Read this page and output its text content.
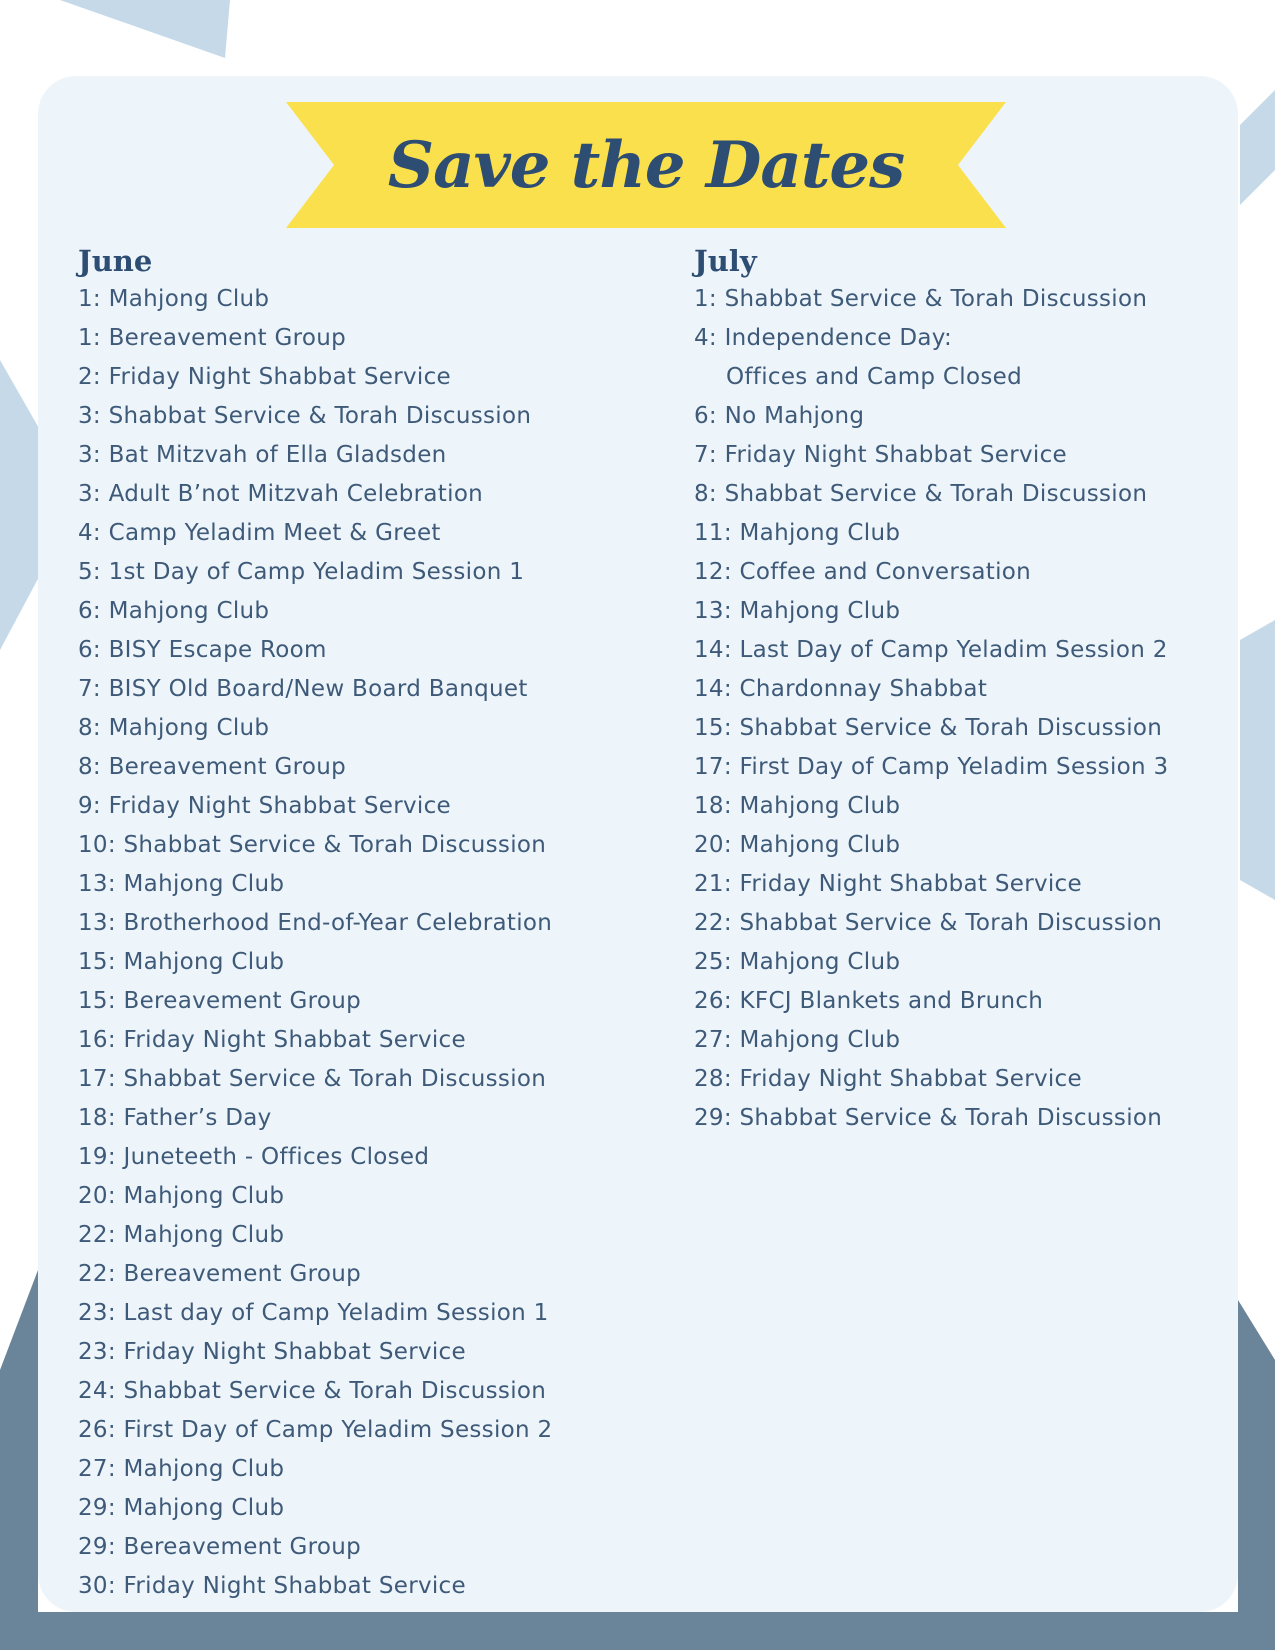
Save the Dates
June
1: Mahjong Club
1: Bereavement Group
2: Friday Night Shabbat Service
3: Shabbat Service & Torah Discussion
3: Bat Mitzvah of Ella Gladsden
3: Adult B’not Mitzvah Celebration
4: Camp Yeladim Meet & Greet
5: 1st Day of Camp Yeladim Session 1
6: Mahjong Club
6: BISY Escape Room
7: BISY Old Board/New Board Banquet
8: Mahjong Club
8: Bereavement Group
9: Friday Night Shabbat Service
10: Shabbat Service & Torah Discussion
13: Mahjong Club
13: Brotherhood End-of-Year Celebration
15: Mahjong Club
15: Bereavement Group
16: Friday Night Shabbat Service
17: Shabbat Service & Torah Discussion
18: Father’s Day
19: Juneteeth - Offices Closed
20: Mahjong Club
22: Mahjong Club
22: Bereavement Group
23: Last day of Camp Yeladim Session 1
23: Friday Night Shabbat Service
24: Shabbat Service & Torah Discussion
26: First Day of Camp Yeladim Session 2
27: Mahjong Club
29: Mahjong Club
29: Bereavement Group
30: Friday Night Shabbat Service
July
1: Shabbat Service & Torah Discussion
4: Independence Day:
Offices and Camp Closed
6: No Mahjong
7: Friday Night Shabbat Service
8: Shabbat Service & Torah Discussion
11: Mahjong Club
12: Coffee and Conversation
13: Mahjong Club
14: Last Day of Camp Yeladim Session 2
14: Chardonnay Shabbat
15: Shabbat Service & Torah Discussion
17: First Day of Camp Yeladim Session 3
18: Mahjong Club
20: Mahjong Club
21: Friday Night Shabbat Service
22: Shabbat Service & Torah Discussion
25: Mahjong Club
26: KFCJ Blankets and Brunch
27: Mahjong Club
28: Friday Night Shabbat Service
29: Shabbat Service & Torah Discussion
